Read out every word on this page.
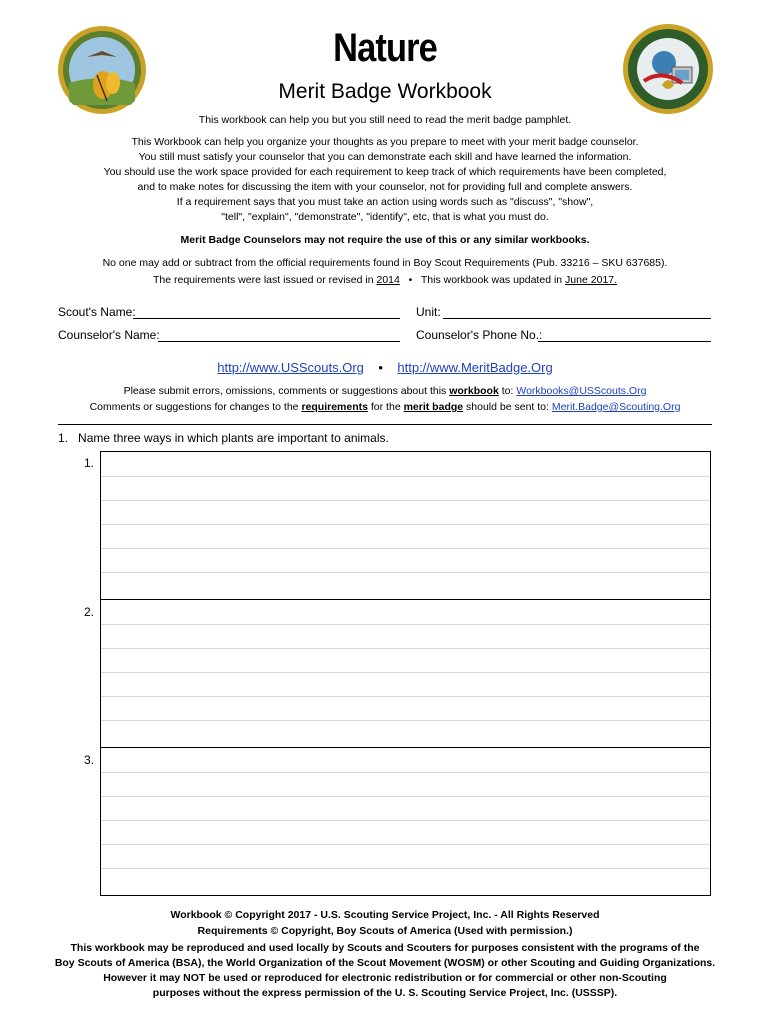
Nature
Merit Badge Workbook
This workbook can help you but you still need to read the merit badge pamphlet.
This Workbook can help you organize your thoughts as you prepare to meet with your merit badge counselor.
You still must satisfy your counselor that you can demonstrate each skill and have learned the information.
You should use the work space provided for each requirement to keep track of which requirements have been completed,
and to make notes for discussing the item with your counselor, not for providing full and complete answers.
If a requirement says that you must take an action using words such as "discuss", "show",
"tell", "explain", "demonstrate", "identify", etc, that is what you must do.
Merit Badge Counselors may not require the use of this or any similar workbooks.
No one may add or subtract from the official requirements found in Boy Scout Requirements (Pub. 33216 – SKU 637685).
The requirements were last issued or revised in 2014 • This workbook was updated in June 2017.
Scout's Name:	Unit:
Counselor's Name:	Counselor's Phone No.:
http://www.USScouts.Org • http://www.MeritBadge.Org
Please submit errors, omissions, comments or suggestions about this workbook to: Workbooks@USScouts.Org
Comments or suggestions for changes to the requirements for the merit badge should be sent to: Merit.Badge@Scouting.Org
1. Name three ways in which plants are important to animals.
1.
2.
3.
Workbook © Copyright 2017 - U.S. Scouting Service Project, Inc. - All Rights Reserved
Requirements © Copyright, Boy Scouts of America (Used with permission.)
This workbook may be reproduced and used locally by Scouts and Scouters for purposes consistent with the programs of the
Boy Scouts of America (BSA), the World Organization of the Scout Movement (WOSM) or other Scouting and Guiding Organizations.
However it may NOT be used or reproduced for electronic redistribution or for commercial or other non-Scouting
purposes without the express permission of the U. S. Scouting Service Project, Inc. (USSSP).
